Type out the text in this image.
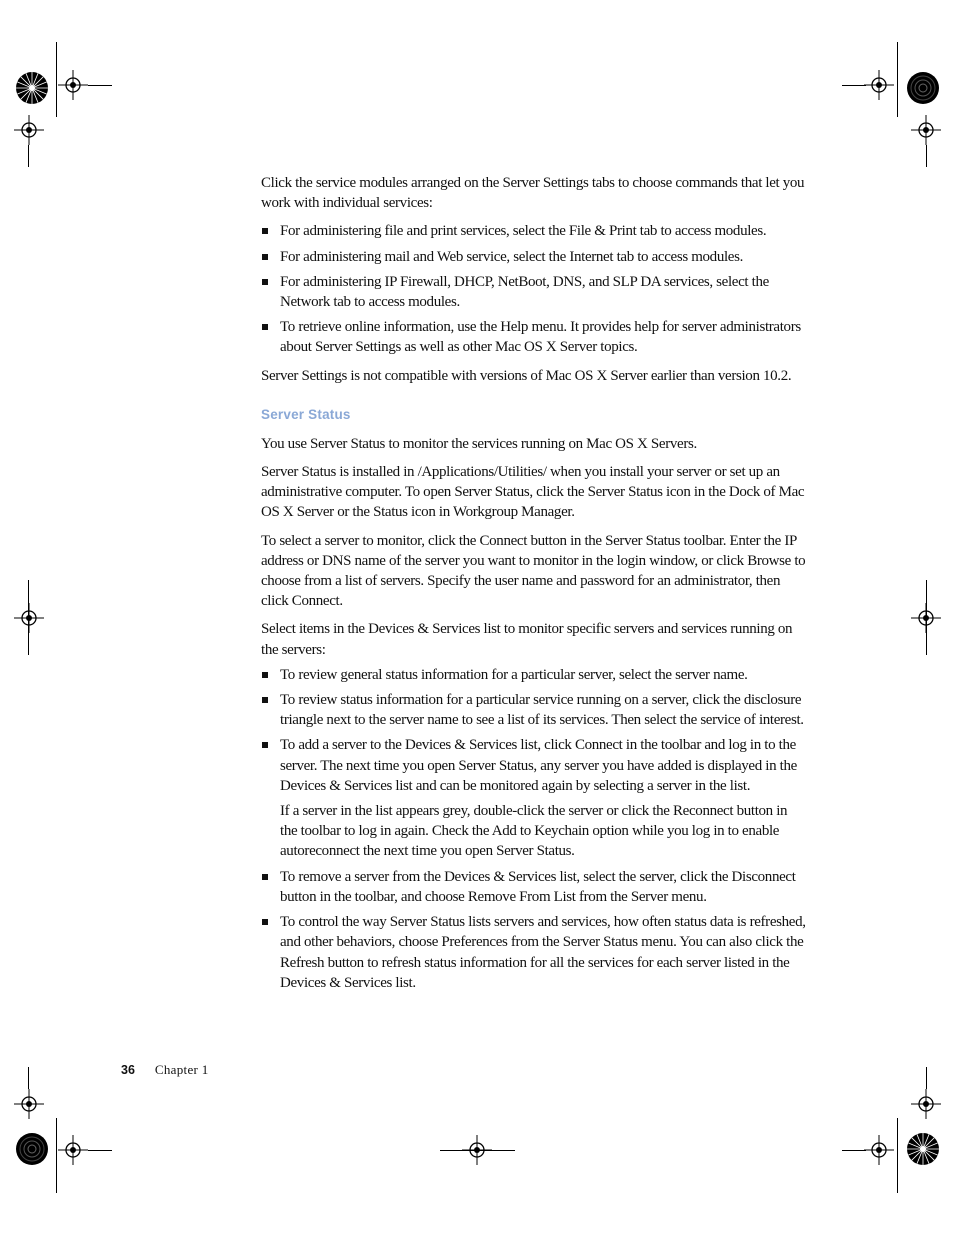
Click the service modules arranged on the Server Settings tabs to choose commands that let you work with individual services:

For administering file and print services, select the File & Print tab to access modules.
For administering mail and Web service, select the Internet tab to access modules.
For administering IP Firewall, DHCP, NetBoot, DNS, and SLP DA services, select the Network tab to access modules.
To retrieve online information, use the Help menu. It provides help for server administrators about Server Settings as well as other Mac OS X Server topics.

Server Settings is not compatible with versions of Mac OS X Server earlier than version 10.2.

Server Status

You use Server Status to monitor the services running on Mac OS X Servers.

Server Status is installed in /Applications/Utilities/ when you install your server or set up an administrative computer. To open Server Status, click the Server Status icon in the Dock of Mac OS X Server or the Status icon in Workgroup Manager.

To select a server to monitor, click the Connect button in the Server Status toolbar. Enter the IP address or DNS name of the server you want to monitor in the login window, or click Browse to choose from a list of servers. Specify the user name and password for an administrator, then click Connect.

Select items in the Devices & Services list to monitor specific servers and services running on the servers:

To review general status information for a particular server, select the server name.
To review status information for a particular service running on a server, click the disclosure triangle next to the server name to see a list of its services. Then select the service of interest.
To add a server to the Devices & Services list, click Connect in the toolbar and log in to the server. The next time you open Server Status, any server you have added is displayed in the Devices & Services list and can be monitored again by selecting a server in the list.

If a server in the list appears grey, double-click the server or click the Reconnect button in the toolbar to log in again. Check the Add to Keychain option while you log in to enable autoreconnect the next time you open Server Status.

To remove a server from the Devices & Services list, select the server, click the Disconnect button in the toolbar, and choose Remove From List from the Server menu.
To control the way Server Status lists servers and services, how often status data is refreshed, and other behaviors, choose Preferences from the Server Status menu. You can also click the Refresh button to refresh status information for all the services for each server listed in the Devices & Services list.
36 Chapter 1
